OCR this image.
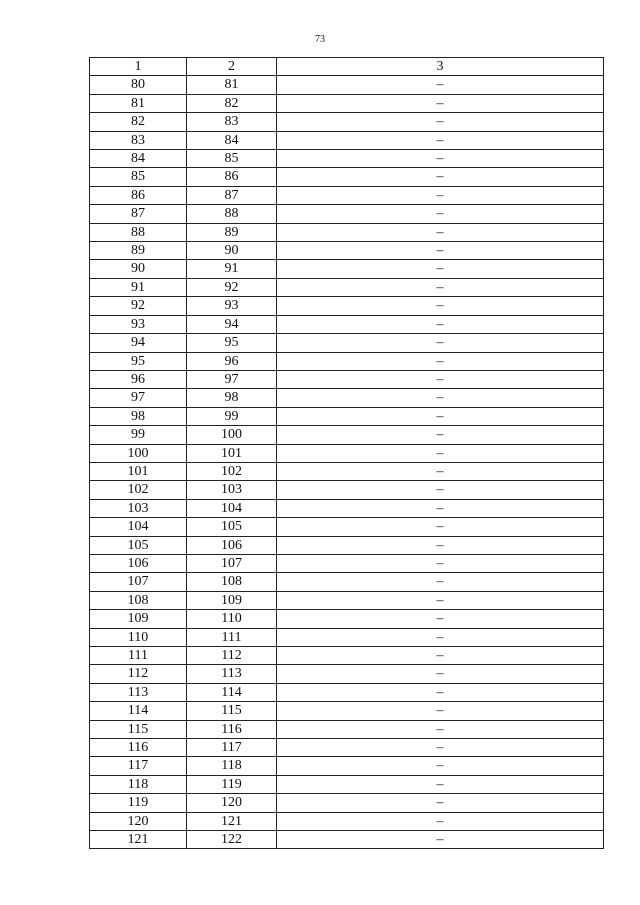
73
1	2	3
80	81	–
81	82	–
82	83	–
83	84	–
84	85	–
85	86	–
86	87	–
87	88	–
88	89	–
89	90	–
90	91	–
91	92	–
92	93	–
93	94	–
94	95	–
95	96	–
96	97	–
97	98	–
98	99	–
99	100	–
100	101	–
101	102	–
102	103	–
103	104	–
104	105	–
105	106	–
106	107	–
107	108	–
108	109	–
109	110	–
110	111	–
111	112	–
112	113	–
113	114	–
114	115	–
115	116	–
116	117	–
117	118	–
118	119	–
119	120	–
120	121	–
121	122	–
